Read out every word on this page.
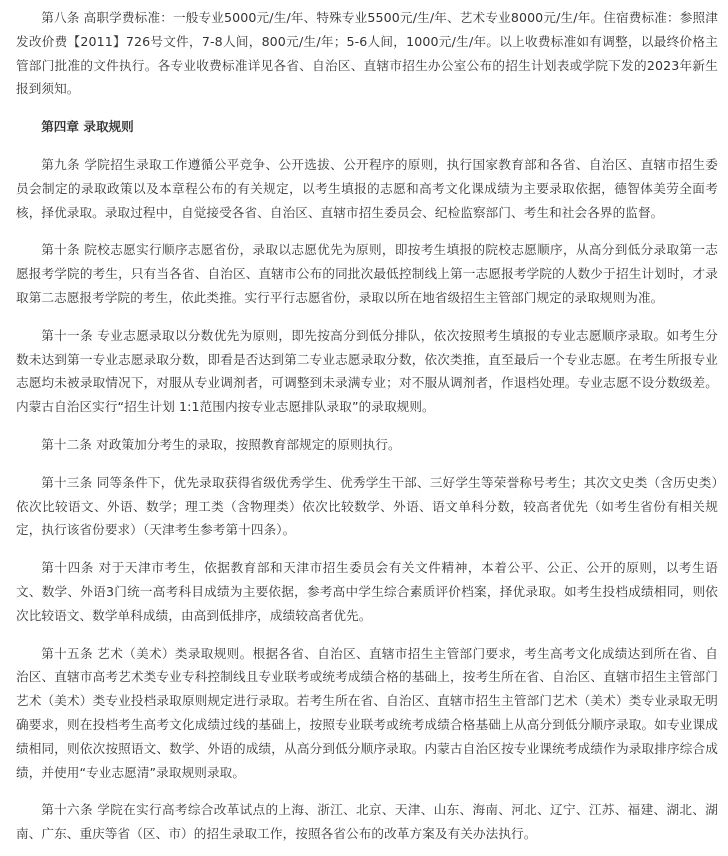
第八条 高职学费标准：一般专业5000元/生/年、特殊专业5500元/生/年、艺术专业8000元/生/年。住宿费标准：参照津发改价费【2011】726号文件，7-8人间，800元/生/年；5-6人间，1000元/生/年。以上收费标准如有调整，以最终价格主管部门批准的文件执行。各专业收费标准详见各省、自治区、直辖市招生办公室公布的招生计划表或学院下发的2023年新生报到须知。

第四章 录取规则

第九条 学院招生录取工作遵循公平竞争、公开选拔、公开程序的原则，执行国家教育部和各省、自治区、直辖市招生委员会制定的录取政策以及本章程公布的有关规定，以考生填报的志愿和高考文化课成绩为主要录取依据，德智体美劳全面考核，择优录取。录取过程中，自觉接受各省、自治区、直辖市招生委员会、纪检监察部门、考生和社会各界的监督。

第十条 院校志愿实行顺序志愿省份，录取以志愿优先为原则，即按考生填报的院校志愿顺序，从高分到低分录取第一志愿报考学院的考生，只有当各省、自治区、直辖市公布的同批次最低控制线上第一志愿报考学院的人数少于招生计划时，才录取第二志愿报考学院的考生，依此类推。实行平行志愿省份，录取以所在地省级招生主管部门规定的录取规则为准。

第十一条 专业志愿录取以分数优先为原则，即先按高分到低分排队，依次按照考生填报的专业志愿顺序录取。如考生分数未达到第一专业志愿录取分数，即看是否达到第二专业志愿录取分数，依次类推，直至最后一个专业志愿。在考生所报专业志愿均未被录取情况下，对服从专业调剂者，可调整到未录满专业；对不服从调剂者，作退档处理。专业志愿不设分数级差。内蒙古自治区实行“招生计划 1:1范围内按专业志愿排队录取”的录取规则。

第十二条 对政策加分考生的录取，按照教育部规定的原则执行。

第十三条 同等条件下，优先录取获得省级优秀学生、优秀学生干部、三好学生等荣誉称号考生；其次文史类（含历史类）依次比较语文、外语、数学；理工类（含物理类）依次比较数学、外语、语文单科分数，较高者优先（如考生省份有相关规定，执行该省份要求）（天津考生参考第十四条）。

第十四条 对于天津市考生，依据教育部和天津市招生委员会有关文件精神，本着公平、公正、公开的原则，以考生语文、数学、外语3门统一高考科目成绩为主要依据，参考高中学生综合素质评价档案，择优录取。如考生投档成绩相同，则依次比较语文、数学单科成绩，由高到低排序，成绩较高者优先。

第十五条 艺术（美术）类录取规则。根据各省、自治区、直辖市招生主管部门要求，考生高考文化成绩达到所在省、自治区、直辖市高考艺术类专业专科控制线且专业联考或统考成绩合格的基础上，按考生所在省、自治区、直辖市招生主管部门艺术（美术）类专业投档录取原则规定进行录取。若考生所在省、自治区、直辖市招生主管部门艺术（美术）类专业录取无明确要求，则在投档考生高考文化成绩过线的基础上，按照专业联考或统考成绩合格基础上从高分到低分顺序录取。如专业课成绩相同，则依次按照语文、数学、外语的成绩，从高分到低分顺序录取。内蒙古自治区按专业课统考成绩作为录取排序综合成绩，并使用“专业志愿清”录取规则录取。

第十六条 学院在实行高考综合改革试点的上海、浙江、北京、天津、山东、海南、河北、辽宁、江苏、福建、湖北、湖南、广东、重庆等省（区、市）的招生录取工作，按照各省公布的改革方案及有关办法执行。
